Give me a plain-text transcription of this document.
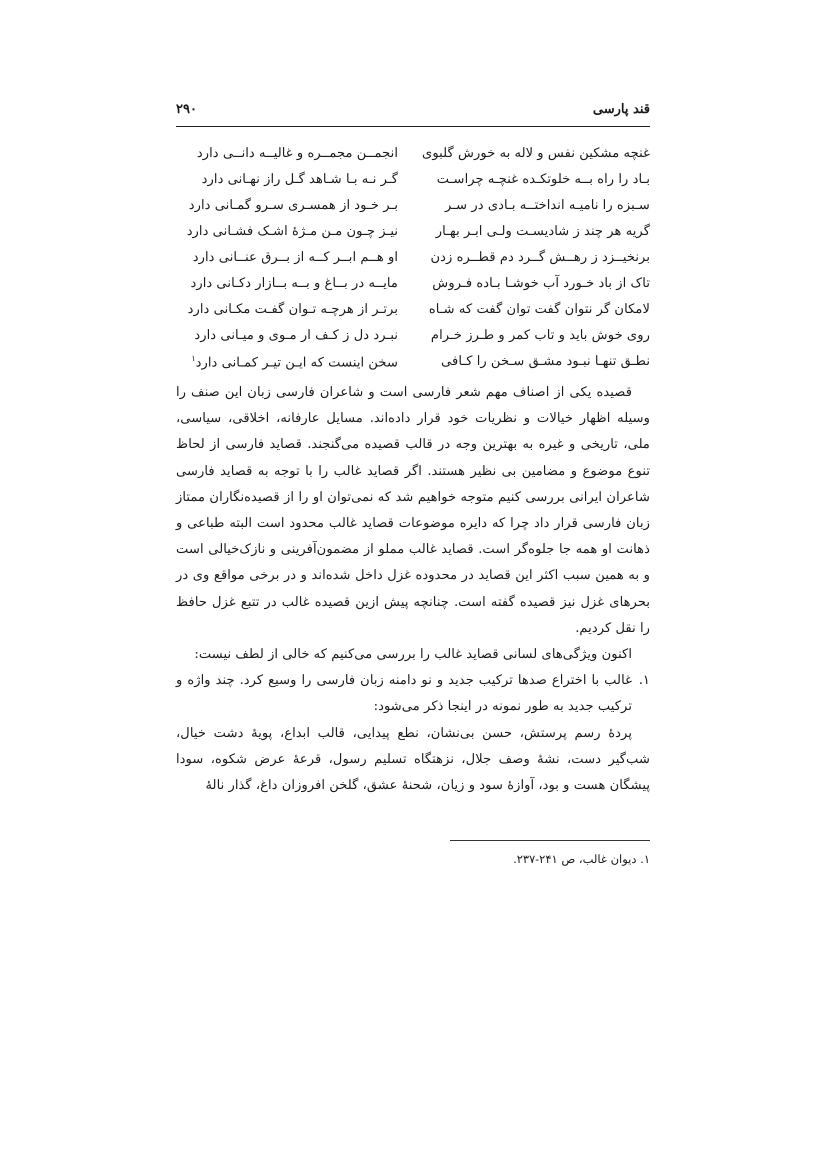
قند پارسی
۲۹۰
غنچه مشکین نفس و لاله به خورش گلبوی
انجمــن مجمــره و غالیــه دانــی دارد
بـاد را راه بــه خلوتکـده غنچـه چراسـت
گـر نـه بـا شـاهد گـل راز نهـانی دارد
سـبزه را نامیـه انداختــه بـادی در سـر
بـر خـود از همسـری سـرو گمـانی دارد
گریه هر چند ز شادیسـت ولـی ابـر بهـار
نیـز چـون مـن مـژهٔ اشـک فشـانی دارد
برنخیــزد ز رهــش گــرد دم قطــره زدن
او هــم ابــر کــه از بــرق عنــانی دارد
تاک از باد خـورد آب خوشـا بـاده فـروش
مایــه در بــاغ و بــه بــازار دکـانی دارد
لامکان گر نتوان گفت توان گفت که شـاه
برتـر از هرچـه تـوان گفـت مکـانی دارد
روی خوش باید و تاب کمر و طـرز خـرام
نبـرد دل ز کـف ار مـوی و میـانی دارد
نطـق تنهـا نبـود مشـق سـخن را کـافی
سخن اینست که ایـن تیـر کمـانی دارد$^۱$

قصیده یکی از اصناف مهم شعر فارسی است و شاعران فارسی زبان این صنف را وسیله اظهار خیالات و نظریات خود قرار داده‌اند. مسایل عارفانه، اخلاقی، سیاسی، ملی، تاریخی و غیره به بهترین وجه در قالب قصیده می‌گنجند. قصاید فارسی از لحاظ تنوع موضوع و مضامین بی نظیر هستند. اگر قصاید غالب را با توجه به قصاید فارسی شاعران ایرانی بررسی کنیم متوجه خواهیم شد که نمی‌توان او را از قصیده‌نگاران ممتاز زبان فارسی قرار داد چرا که دایره موضوعات قصاید غالب محدود است البته طباعی و ذهانت او همه جا جلوه‌گر است. قصاید غالب مملو از مضمون‌آفرینی و نازک‌خیالی است و به همین سبب اکثر این قصاید در محدوده غزل داخل شده‌اند و در برخی مواقع وی در بحرهای غزل نیز قصیده گفته است. چنانچه پیش ازین قصیده غالب در تتبع غزل حافظ را نقل کردیم.

اکنون ویژگی‌های لسانی قصاید غالب را بررسی می‌کنیم که خالی از لطف نیست:

۱.
غالب با اختراع صدها ترکیب جدید و نو دامنه زبان فارسی را وسیع کرد. چند واژه و ترکیب جدید به طور نمونه در اینجا ذکر می‌شود:

پردهٔ رسم پرستش، حسن بی‌نشان، نطع پیدایی، قالب ابداع، پویهٔ دشت خیال، شب‌گیر دست، نشهٔ وصف جلال، نزهتگاه تسلیم رسول، قرعهٔ عرض شکوه، سودا پیشگان هست و بود، آوازهٔ سود و زیان، شحنهٔ عشق، گلخن افروزان داغ، گذار نالهٔ

۱. دیوان غالب، ص ۲۴۱-۲۳۷.
